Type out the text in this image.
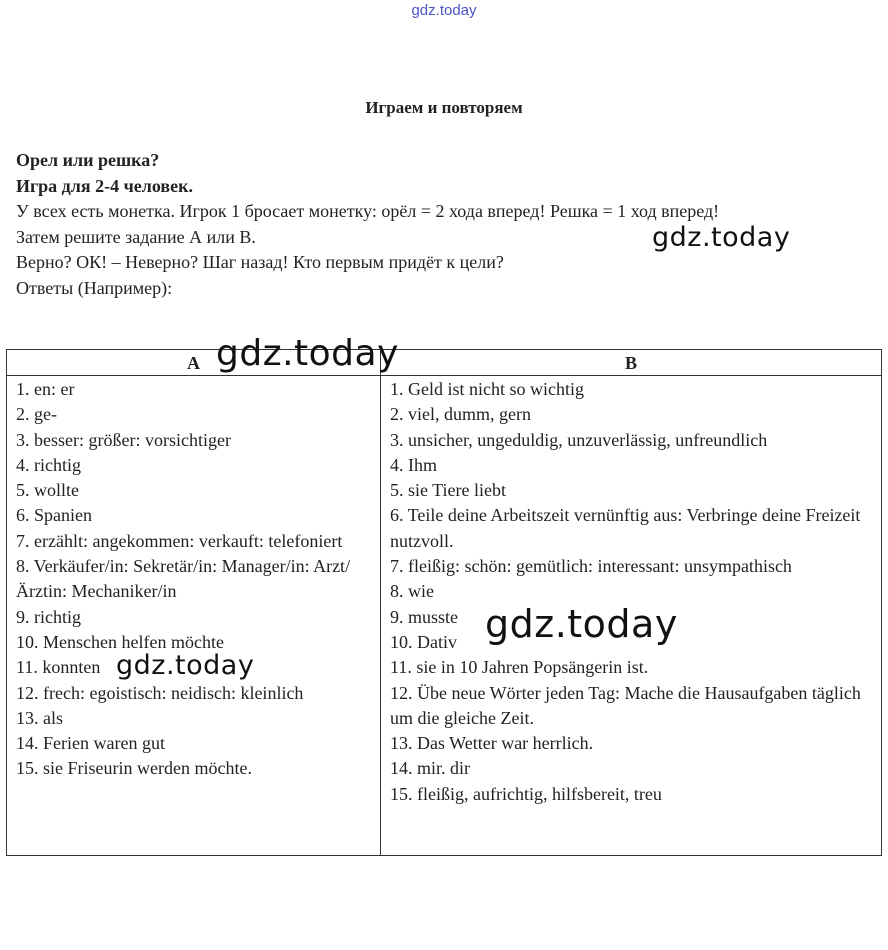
gdz.today
Играем и повторяем
Орел или решка?
Игра для 2-4 человек.
У всех есть монетка. Игрок 1 бросает монетку: орёл = 2 хода вперед! Решка = 1 ход вперед!
Затем решите задание А или В.
Верно? ОК! – Неверно? Шаг назад! Кто первым придёт к цели?
Ответы (Например):
А	В
1. en: er
2. ge-
3. besser: größer: vorsichtiger
4. richtig
5. wollte
6. Spanien
7. erzählt: angekommen: verkauft: telefoniert
8. Verkäufer/in: Sekretär/in: Manager/in: Arzt/ Ärztin: Mechaniker/in
9. richtig
10. Menschen helfen möchte
11. konnten
12. frech: egoistisch: neidisch: kleinlich
13. als
14. Ferien waren gut
15. sie Friseurin werden möchte.
1. Geld ist nicht so wichtig
2. viel, dumm, gern
3. unsicher, ungeduldig, unzuverlässig, unfreundlich
4. Ihm
5. sie Tiere liebt
6. Teile deine Arbeitszeit vernünftig aus: Verbringe deine Freizeit nutzvoll.
7. fleißig: schön: gemütlich: interessant: unsympathisch
8. wie
9. musste
10. Dativ
11. sie in 10 Jahren Popsängerin ist.
12. Übe neue Wörter jeden Tag: Mache die Hausaufgaben täglich um die gleiche Zeit.
13. Das Wetter war herrlich.
14. mir. dir
15. fleißig, aufrichtig, hilfsbereit, treu
gdz.today
gdz.today
gdz.today
gdz.today
